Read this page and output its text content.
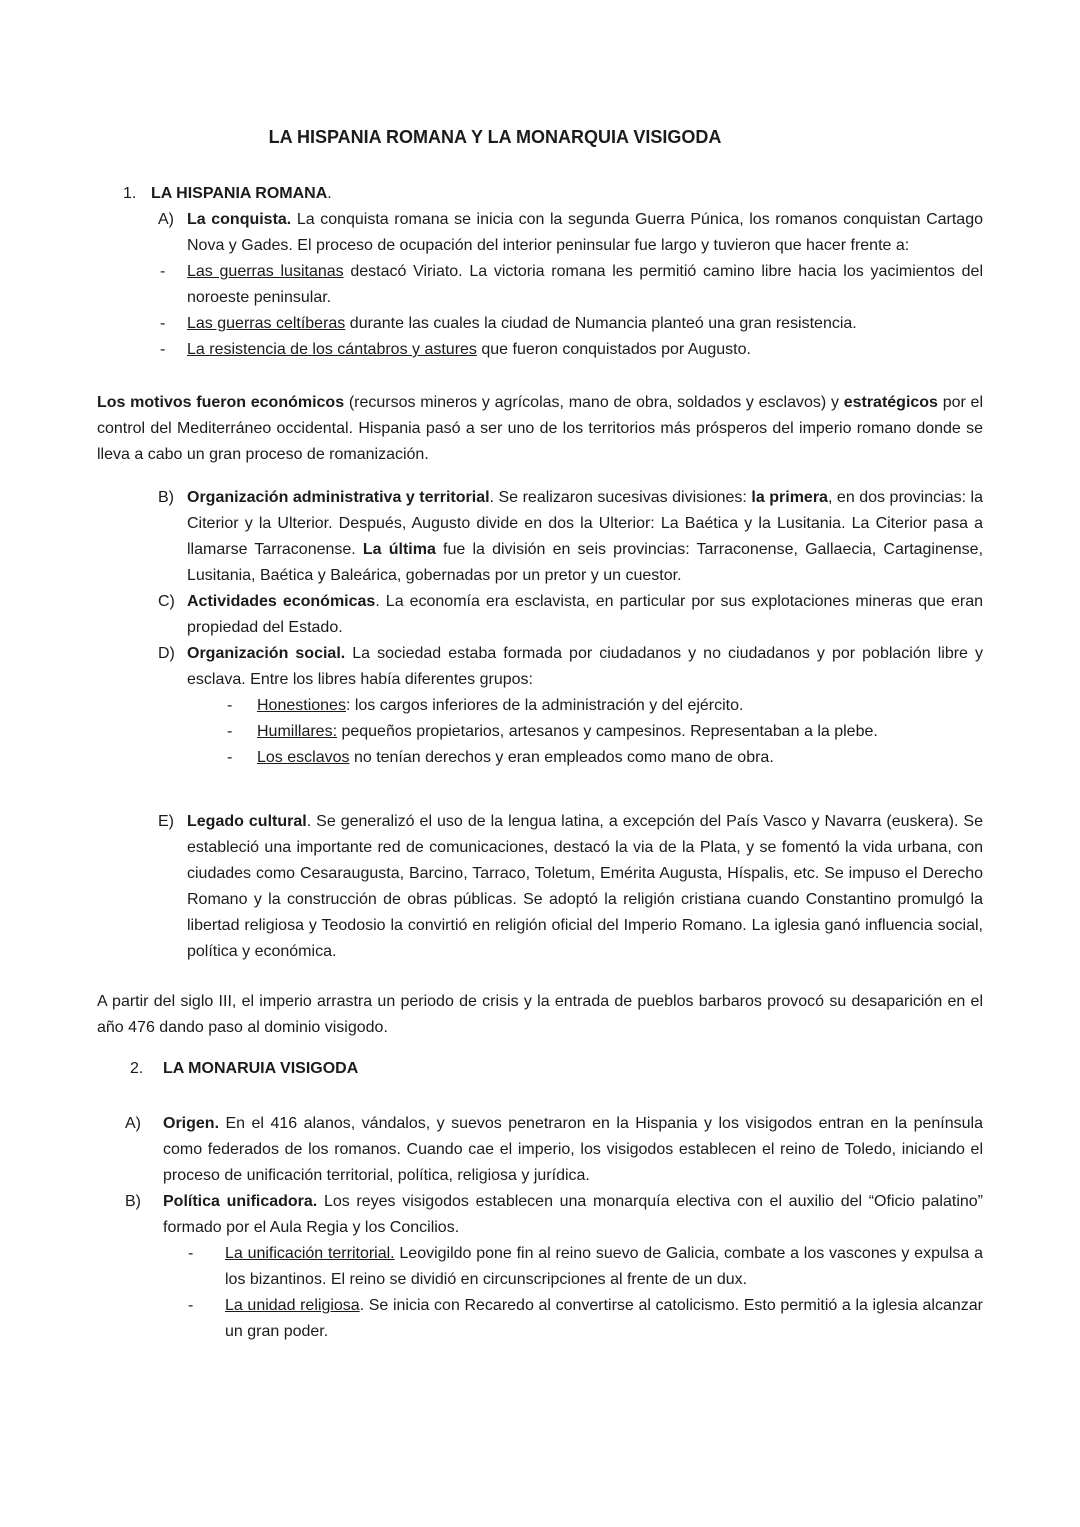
LA HISPANIA ROMANA Y LA MONARQUIA VISIGODA
1. LA HISPANIA ROMANA.
A) La conquista. La conquista romana se inicia con la segunda Guerra Púnica, los romanos conquistan Cartago Nova y Gades. El proceso de ocupación del interior peninsular fue largo y tuvieron que hacer frente a:
-	Las guerras lusitanas destacó Viriato. La victoria romana les permitió camino libre hacia los yacimientos del noroeste peninsular.
-	Las guerras celtíberas durante las cuales la ciudad de Numancia planteó una gran resistencia.
-	La resistencia de los cántabros y astures que fueron conquistados por Augusto.

Los motivos fueron económicos (recursos mineros y agrícolas, mano de obra, soldados y esclavos) y estratégicos por el control del Mediterráneo occidental. Hispania pasó a ser uno de los territorios más prósperos del imperio romano donde se lleva a cabo un gran proceso de romanización.

B) Organización administrativa y territorial. Se realizaron sucesivas divisiones: la primera, en dos provincias: la Citerior y la Ulterior. Después, Augusto divide en dos la Ulterior: La Baética y la Lusitania. La Citerior pasa a llamarse Tarraconense. La última fue la división en seis provincias: Tarraconense, Gallaecia, Cartaginense, Lusitania, Baética y Baleárica, gobernadas por un pretor y un cuestor.
C) Actividades económicas. La economía era esclavista, en particular por sus explotaciones mineras que eran propiedad del Estado.
D) Organización social. La sociedad estaba formada por ciudadanos y no ciudadanos y por población libre y esclava. Entre los libres había diferentes grupos:
-	Honestiones: los cargos inferiores de la administración y del ejército.
-	Humillares: pequeños propietarios, artesanos y campesinos. Representaban a la plebe.
-	Los esclavos no tenían derechos y eran empleados como mano de obra.
E) Legado cultural. Se generalizó el uso de la lengua latina, a excepción del País Vasco y Navarra (euskera). Se estableció una importante red de comunicaciones, destacó la via de la Plata, y se fomentó la vida urbana, con ciudades como Cesaraugusta, Barcino, Tarraco, Toletum, Emérita Augusta, Híspalis, etc. Se impuso el Derecho Romano y la construcción de obras públicas. Se adoptó la religión cristiana cuando Constantino promulgó la libertad religiosa y Teodosio la convirtió en religión oficial del Imperio Romano. La iglesia ganó influencia social, política y económica.

A partir del siglo III, el imperio arrastra un periodo de crisis y la entrada de pueblos barbaros provocó su desaparición en el año 476 dando paso al dominio visigodo.

2.	LA MONARUIA VISIGODA
A)	Origen. En el 416 alanos, vándalos, y suevos penetraron en la Hispania y los visigodos entran en la península como federados de los romanos. Cuando cae el imperio, los visigodos establecen el reino de Toledo, iniciando el proceso de unificación territorial, política, religiosa y jurídica.
B)	Política unificadora. Los reyes visigodos establecen una monarquía electiva con el auxilio del “Oficio palatino” formado por el Aula Regia y los Concilios.
-	La unificación territorial. Leovigildo pone fin al reino suevo de Galicia, combate a los vascones y expulsa a los bizantinos. El reino se dividió en circunscripciones al frente de un dux.
-	La unidad religiosa. Se inicia con Recaredo al convertirse al catolicismo. Esto permitió a la iglesia alcanzar un gran poder.
